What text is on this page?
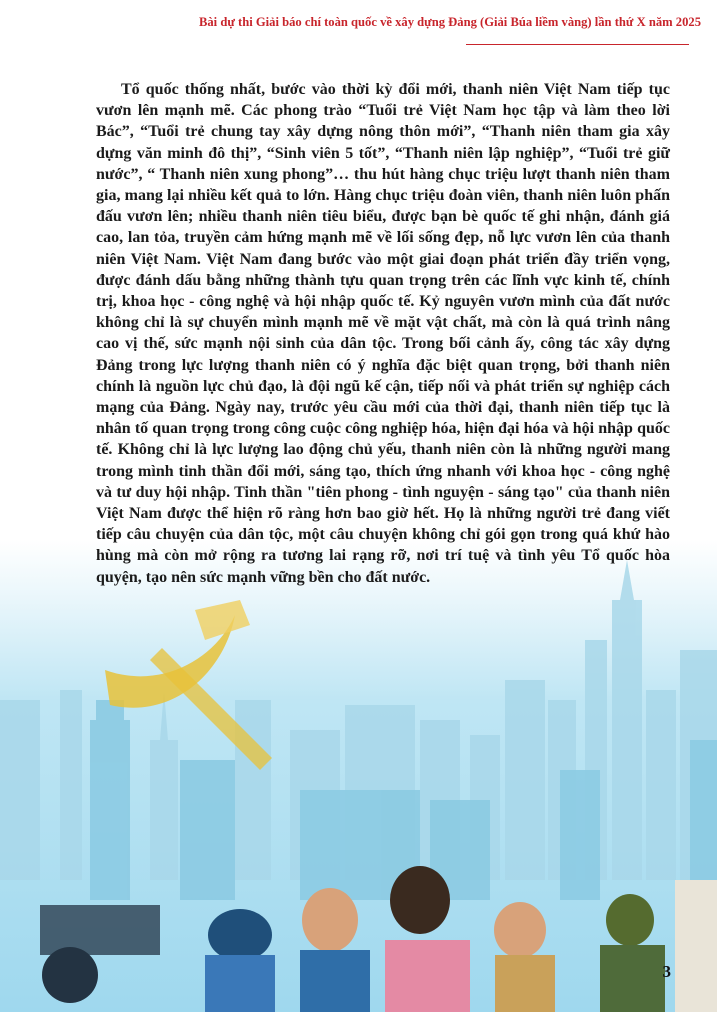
Bài dự thi Giải báo chí toàn quốc về xây dựng Đảng (Giải Búa liềm vàng) lần thứ X năm 2025

Tổ quốc thống nhất, bước vào thời kỳ đổi mới, thanh niên Việt Nam tiếp tục vươn lên mạnh mẽ. Các phong trào “Tuổi trẻ Việt Nam học tập và làm theo lời Bác”, “Tuổi trẻ chung tay xây dựng nông thôn mới”, “Thanh niên tham gia xây dựng văn minh đô thị”, “Sinh viên 5 tốt”, “Thanh niên lập nghiệp”, “Tuổi trẻ giữ nước”, “ Thanh niên xung phong”… thu hút hàng chục triệu lượt thanh niên tham gia, mang lại nhiều kết quả to lớn. Hàng chục triệu đoàn viên, thanh niên luôn phấn đấu vươn lên; nhiều thanh niên tiêu biểu, được bạn bè quốc tế ghi nhận, đánh giá cao, lan tỏa, truyền cảm hứng mạnh mẽ về lối sống đẹp, nỗ lực vươn lên của thanh niên Việt Nam. Việt Nam đang bước vào một giai đoạn phát triển đầy triển vọng, được đánh dấu bằng những thành tựu quan trọng trên các lĩnh vực kinh tế, chính trị, khoa học - công nghệ và hội nhập quốc tế. Kỷ nguyên vươn mình của đất nước không chỉ là sự chuyển mình mạnh mẽ về mặt vật chất, mà còn là quá trình nâng cao vị thế, sức mạnh nội sinh của dân tộc. Trong bối cảnh ấy, công tác xây dựng Đảng trong lực lượng thanh niên có ý nghĩa đặc biệt quan trọng, bởi thanh niên chính là nguồn lực chủ đạo, là đội ngũ kế cận, tiếp nối và phát triển sự nghiệp cách mạng của Đảng. Ngày nay, trước yêu cầu mới của thời đại, thanh niên tiếp tục là nhân tố quan trọng trong công cuộc công nghiệp hóa, hiện đại hóa và hội nhập quốc tế. Không chỉ là lực lượng lao động chủ yếu, thanh niên còn là những người mang trong mình tinh thần đổi mới, sáng tạo, thích ứng nhanh với khoa học - công nghệ và tư duy hội nhập. Tinh thần "tiên phong - tình nguyện - sáng tạo" của thanh niên Việt Nam được thể hiện rõ ràng hơn bao giờ hết. Họ là những người trẻ đang viết tiếp câu chuyện của dân tộc, một câu chuyện không chỉ gói gọn trong quá khứ hào hùng mà còn mở rộng ra tương lai rạng rỡ, nơi trí tuệ và tình yêu Tổ quốc hòa quyện, tạo nên sức mạnh vững bền cho đất nước.

3
